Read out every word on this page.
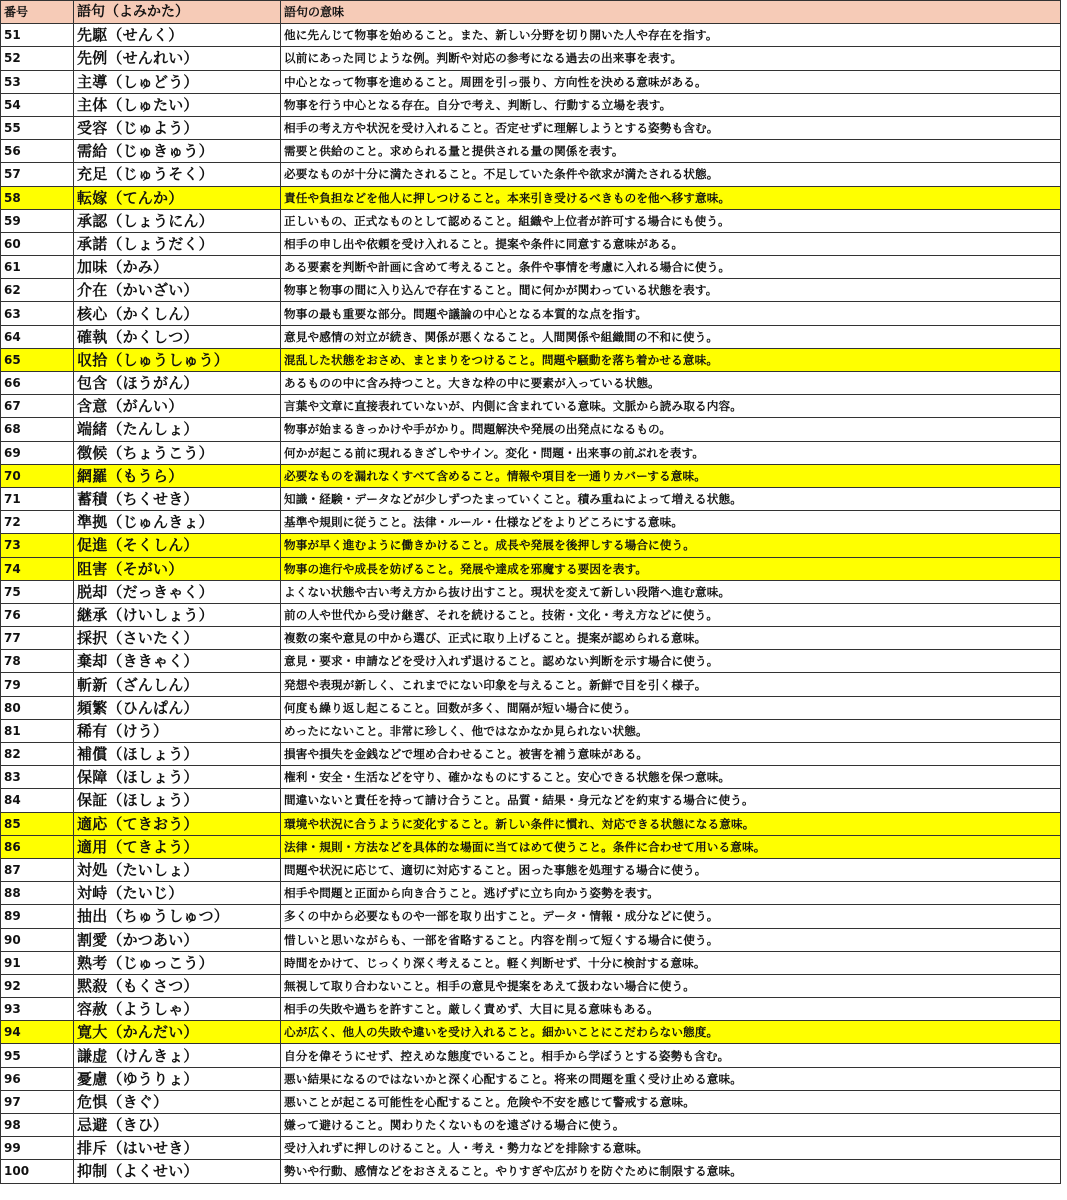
番号	語句（よみかた）	語句の意味
51	先駆（せんく）	他に先んじて物事を始めること。また、新しい分野を切り開いた人や存在を指す。
52	先例（せんれい）	以前にあった同じような例。判断や対応の参考になる過去の出来事を表す。
53	主導（しゅどう）	中心となって物事を進めること。周囲を引っ張り、方向性を決める意味がある。
54	主体（しゅたい）	物事を行う中心となる存在。自分で考え、判断し、行動する立場を表す。
55	受容（じゅよう）	相手の考え方や状況を受け入れること。否定せずに理解しようとする姿勢も含む。
56	需給（じゅきゅう）	需要と供給のこと。求められる量と提供される量の関係を表す。
57	充足（じゅうそく）	必要なものが十分に満たされること。不足していた条件や欲求が満たされる状態。
58	転嫁（てんか）	責任や負担などを他人に押しつけること。本来引き受けるべきものを他へ移す意味。
59	承認（しょうにん）	正しいもの、正式なものとして認めること。組織や上位者が許可する場合にも使う。
60	承諾（しょうだく）	相手の申し出や依頼を受け入れること。提案や条件に同意する意味がある。
61	加味（かみ）	ある要素を判断や計画に含めて考えること。条件や事情を考慮に入れる場合に使う。
62	介在（かいざい）	物事と物事の間に入り込んで存在すること。間に何かが関わっている状態を表す。
63	核心（かくしん）	物事の最も重要な部分。問題や議論の中心となる本質的な点を指す。
64	確執（かくしつ）	意見や感情の対立が続き、関係が悪くなること。人間関係や組織間の不和に使う。
65	収拾（しゅうしゅう）	混乱した状態をおさめ、まとまりをつけること。問題や騒動を落ち着かせる意味。
66	包含（ほうがん）	あるものの中に含み持つこと。大きな枠の中に要素が入っている状態。
67	含意（がんい）	言葉や文章に直接表れていないが、内側に含まれている意味。文脈から読み取る内容。
68	端緒（たんしょ）	物事が始まるきっかけや手がかり。問題解決や発展の出発点になるもの。
69	徴候（ちょうこう）	何かが起こる前に現れるきざしやサイン。変化・問題・出来事の前ぶれを表す。
70	網羅（もうら）	必要なものを漏れなくすべて含めること。情報や項目を一通りカバーする意味。
71	蓄積（ちくせき）	知識・経験・データなどが少しずつたまっていくこと。積み重ねによって増える状態。
72	準拠（じゅんきょ）	基準や規則に従うこと。法律・ルール・仕様などをよりどころにする意味。
73	促進（そくしん）	物事が早く進むように働きかけること。成長や発展を後押しする場合に使う。
74	阻害（そがい）	物事の進行や成長を妨げること。発展や達成を邪魔する要因を表す。
75	脱却（だっきゃく）	よくない状態や古い考え方から抜け出すこと。現状を変えて新しい段階へ進む意味。
76	継承（けいしょう）	前の人や世代から受け継ぎ、それを続けること。技術・文化・考え方などに使う。
77	採択（さいたく）	複数の案や意見の中から選び、正式に取り上げること。提案が認められる意味。
78	棄却（ききゃく）	意見・要求・申請などを受け入れず退けること。認めない判断を示す場合に使う。
79	斬新（ざんしん）	発想や表現が新しく、これまでにない印象を与えること。新鮮で目を引く様子。
80	頻繁（ひんぱん）	何度も繰り返し起こること。回数が多く、間隔が短い場合に使う。
81	稀有（けう）	めったにないこと。非常に珍しく、他ではなかなか見られない状態。
82	補償（ほしょう）	損害や損失を金銭などで埋め合わせること。被害を補う意味がある。
83	保障（ほしょう）	権利・安全・生活などを守り、確かなものにすること。安心できる状態を保つ意味。
84	保証（ほしょう）	間違いないと責任を持って請け合うこと。品質・結果・身元などを約束する場合に使う。
85	適応（てきおう）	環境や状況に合うように変化すること。新しい条件に慣れ、対応できる状態になる意味。
86	適用（てきよう）	法律・規則・方法などを具体的な場面に当てはめて使うこと。条件に合わせて用いる意味。
87	対処（たいしょ）	問題や状況に応じて、適切に対応すること。困った事態を処理する場合に使う。
88	対峙（たいじ）	相手や問題と正面から向き合うこと。逃げずに立ち向かう姿勢を表す。
89	抽出（ちゅうしゅつ）	多くの中から必要なものや一部を取り出すこと。データ・情報・成分などに使う。
90	割愛（かつあい）	惜しいと思いながらも、一部を省略すること。内容を削って短くする場合に使う。
91	熟考（じゅっこう）	時間をかけて、じっくり深く考えること。軽く判断せず、十分に検討する意味。
92	黙殺（もくさつ）	無視して取り合わないこと。相手の意見や提案をあえて扱わない場合に使う。
93	容赦（ようしゃ）	相手の失敗や過ちを許すこと。厳しく責めず、大目に見る意味もある。
94	寛大（かんだい）	心が広く、他人の失敗や違いを受け入れること。細かいことにこだわらない態度。
95	謙虚（けんきょ）	自分を偉そうにせず、控えめな態度でいること。相手から学ぼうとする姿勢も含む。
96	憂慮（ゆうりょ）	悪い結果になるのではないかと深く心配すること。将来の問題を重く受け止める意味。
97	危惧（きぐ）	悪いことが起こる可能性を心配すること。危険や不安を感じて警戒する意味。
98	忌避（きひ）	嫌って避けること。関わりたくないものを遠ざける場合に使う。
99	排斥（はいせき）	受け入れずに押しのけること。人・考え・勢力などを排除する意味。
100	抑制（よくせい）	勢いや行動、感情などをおさえること。やりすぎや広がりを防ぐために制限する意味。
